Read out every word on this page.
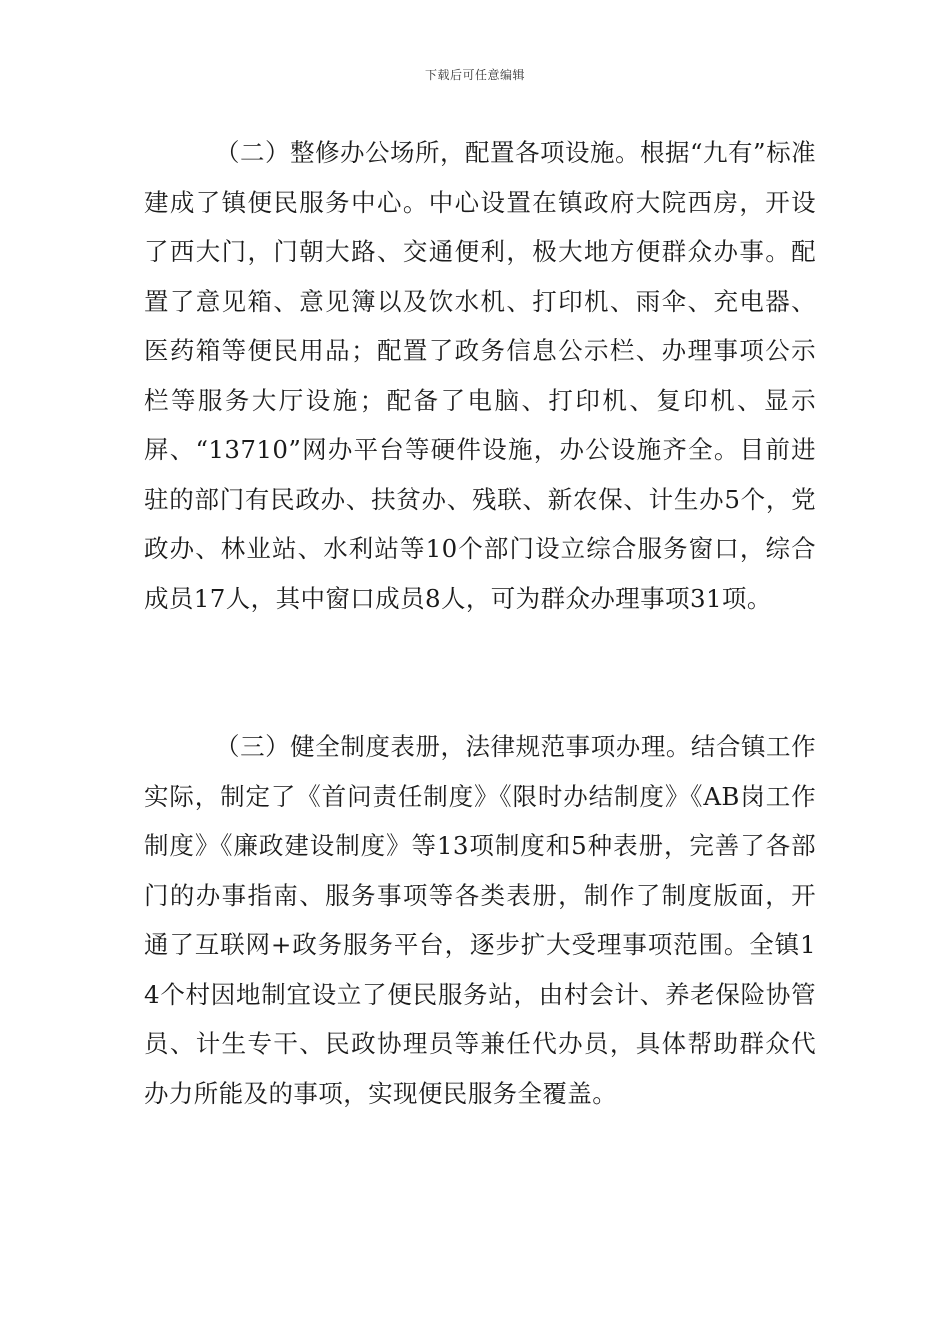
下载后可任意编辑

（二）整修办公场所，配置各项设施。根据“九有”标准建成了镇便民服务中心。中心设置在镇政府大院西房，开设了西大门，门朝大路、交通便利，极大地方便群众办事。配置了意见箱、意见簿以及饮水机、打印机、雨伞、充电器、医药箱等便民用品；配置了政务信息公示栏、办理事项公示栏等服务大厅设施；配备了电脑、打印机、复印机、显示屏、“13710”网办平台等硬件设施，办公设施齐全。目前进驻的部门有民政办、扶贫办、残联、新农保、计生办5个，党政办、林业站、水利站等10个部门设立综合服务窗口，综合成员17人，其中窗口成员8人，可为群众办理事项31项。

（三）健全制度表册，法律规范事项办理。结合镇工作实际，制定了《首问责任制度》《限时办结制度》《AB岗工作制度》《廉政建设制度》等13项制度和5种表册，完善了各部门的办事指南、服务事项等各类表册，制作了制度版面，开通了互联网+政务服务平台，逐步扩大受理事项范围。全镇14个村因地制宜设立了便民服务站，由村会计、养老保险协管员、计生专干、民政协理员等兼任代办员，具体帮助群众代办力所能及的事项，实现便民服务全覆盖。
